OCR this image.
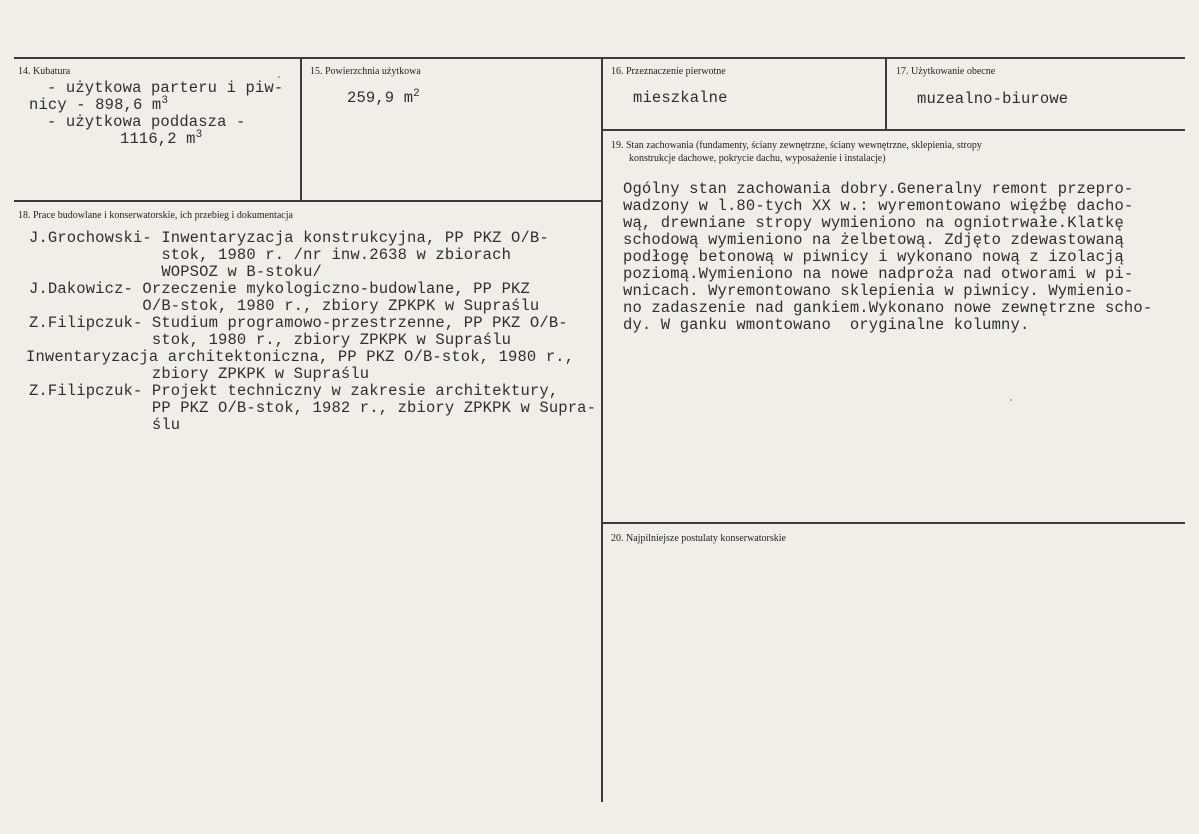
14. Kubatura
- użytkowa parteru i piw-
nicy - 898,6 $m^3$
- użytkowa poddasza -
1116,2 $m^3$
15. Powierzchnia użytkowa
259,9 $m^2$
16. Przeznaczenie pierwotne
mieszkalne
17. Użytkowanie obecne
muzealno-biurowe
18. Prace budowlane i konserwatorskie, ich przebieg i dokumentacja
J.Grochowski- Inwentaryzacja konstrukcyjna, PP PKZ O/B-
stok, 1980 r. /nr inw.2638 w zbiorach
WOPSOZ w B-stoku/
J.Dakowicz- Orzeczenie mykologiczno-budowlane, PP PKZ
O/B-stok, 1980 r., zbiory ZPKPK w Supraślu
Z.Filipczuk- Studium programowo-przestrzenne, PP PKZ O/B-
stok, 1980 r., zbiory ZPKPK w Supraślu
Inwentaryzacja architektoniczna, PP PKZ O/B-stok, 1980 r.,
zbiory ZPKPK w Supraślu
Z.Filipczuk- Projekt techniczny w zakresie architektury,
PP PKZ O/B-stok, 1982 r., zbiory ZPKPK w Supra-
ślu
19. Stan zachowania (fundamenty, ściany zewnętrzne, ściany wewnętrzne, sklepienia, stropy
konstrukcje dachowe, pokrycie dachu, wyposażenie i instalacje)
Ogólny stan zachowania dobry.Generalny remont przepro-
wadzony w l.80-tych XX w.: wyremontowano więźbę dacho-
wą, drewniane stropy wymieniono na ogniotrwałe.Klatkę
schodową wymieniono na żelbetową. Zdjęto zdewastowaną
podłogę betonową w piwnicy i wykonano nową z izolacją
poziomą.Wymieniono na nowe nadproża nad otworami w pi-
wnicach. Wyremontowano sklepienia w piwnicy. Wymienio-
no zadaszenie nad gankiem.Wykonano nowe zewnętrzne scho-
dy. W ganku wmontowano  oryginalne kolumny.
20. Najpilniejsze postulaty konserwatorskie
